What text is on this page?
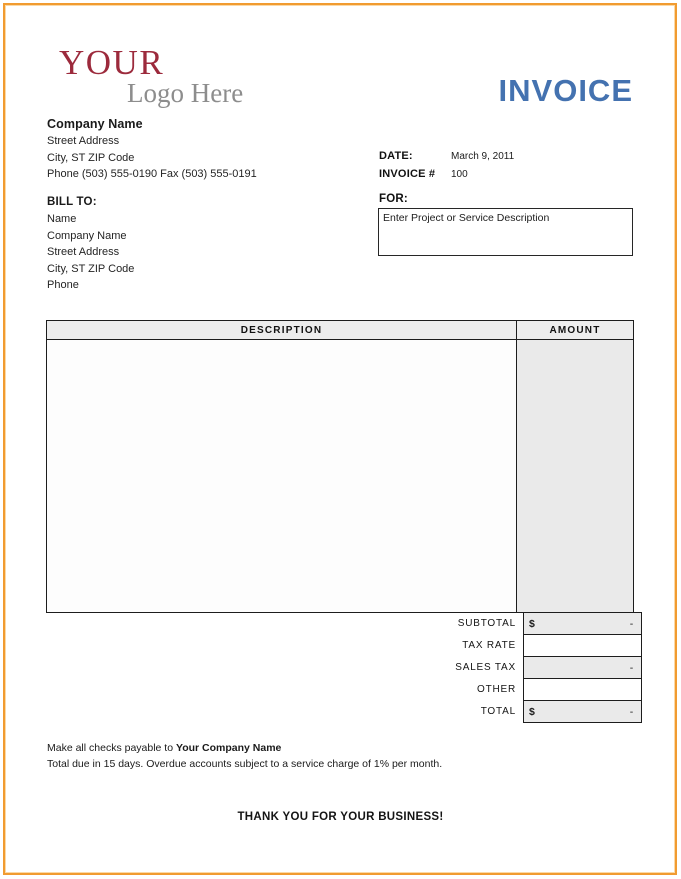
YOUR
Logo Here	INVOICE
Company Name
Street Address
City, ST ZIP Code
Phone (503) 555-0190 Fax (503) 555-0191
BILL TO:
Name
Company Name
Street Address
City, ST ZIP Code
Phone
DATE:	March 9, 2011
INVOICE #	100
FOR:
Enter Project or Service Description
DESCRIPTION	AMOUNT

SUBTOTAL	$ -

TAX RATE	

SALES TAX	-

OTHER	

TOTAL	$ -
Make all checks payable to Your Company Name
Total due in 15 days. Overdue accounts subject to a service charge of 1% per month.
THANK YOU FOR YOUR BUSINESS!
